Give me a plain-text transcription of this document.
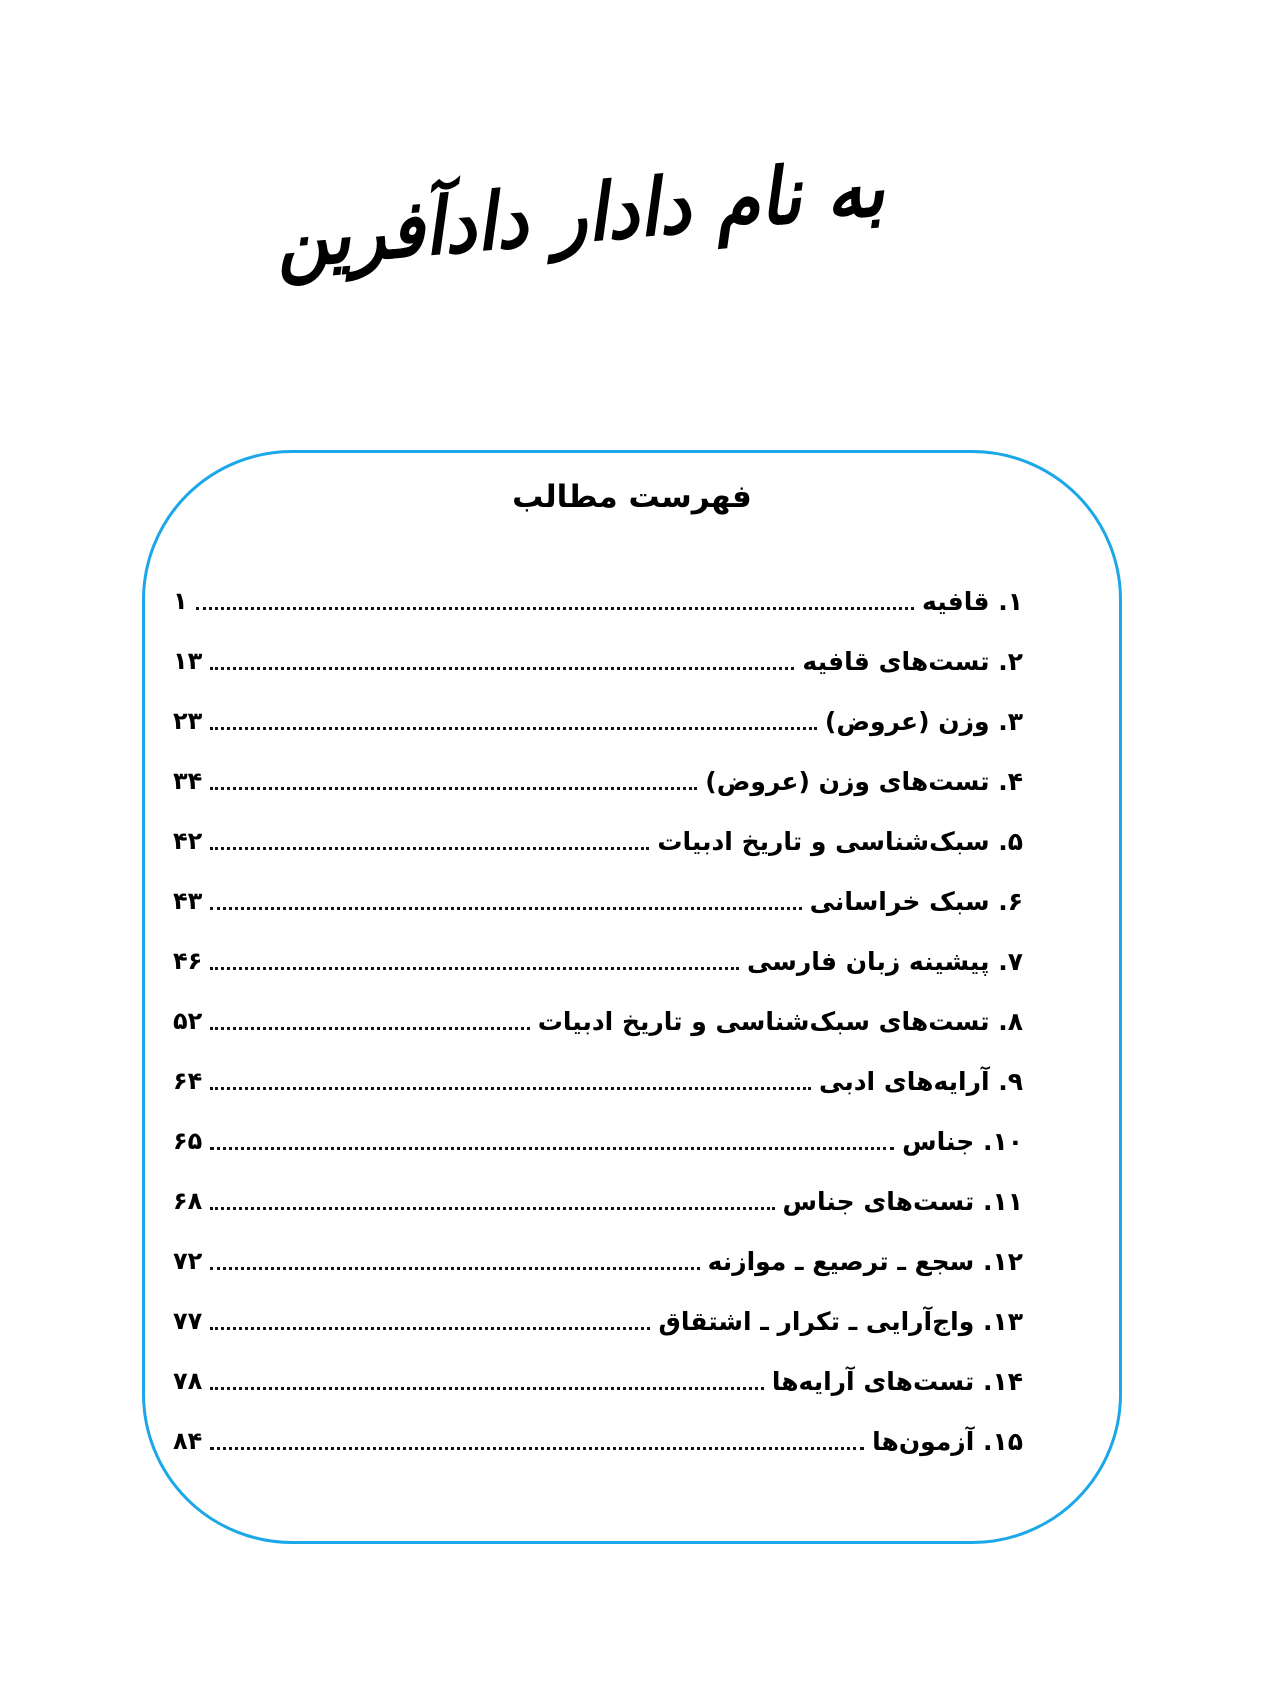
به نام دادار دادآفرین
فهرست مطالب
۱. قافیه
۱
۲. تست‌های قافیه
۱۳
۳. وزن (عروض)
۲۳
۴. تست‌های وزن (عروض)
۳۴
۵. سبک‌شناسی و تاریخ ادبیات
۴۲
۶. سبک خراسانی
۴۳
۷. پیشینه زبان فارسی
۴۶
۸. تست‌های سبک‌شناسی و تاریخ ادبیات
۵۲
۹. آرایه‌های ادبی
۶۴
۱۰. جناس
۶۵
۱۱. تست‌های جناس
۶۸
۱۲. سجع ـ ترصیع ـ موازنه
۷۲
۱۳. واج‌آرایی ـ تکرار ـ اشتقاق
۷۷
۱۴. تست‌های آرایه‌ها
۷۸
۱۵. آزمون‌ها
۸۴
